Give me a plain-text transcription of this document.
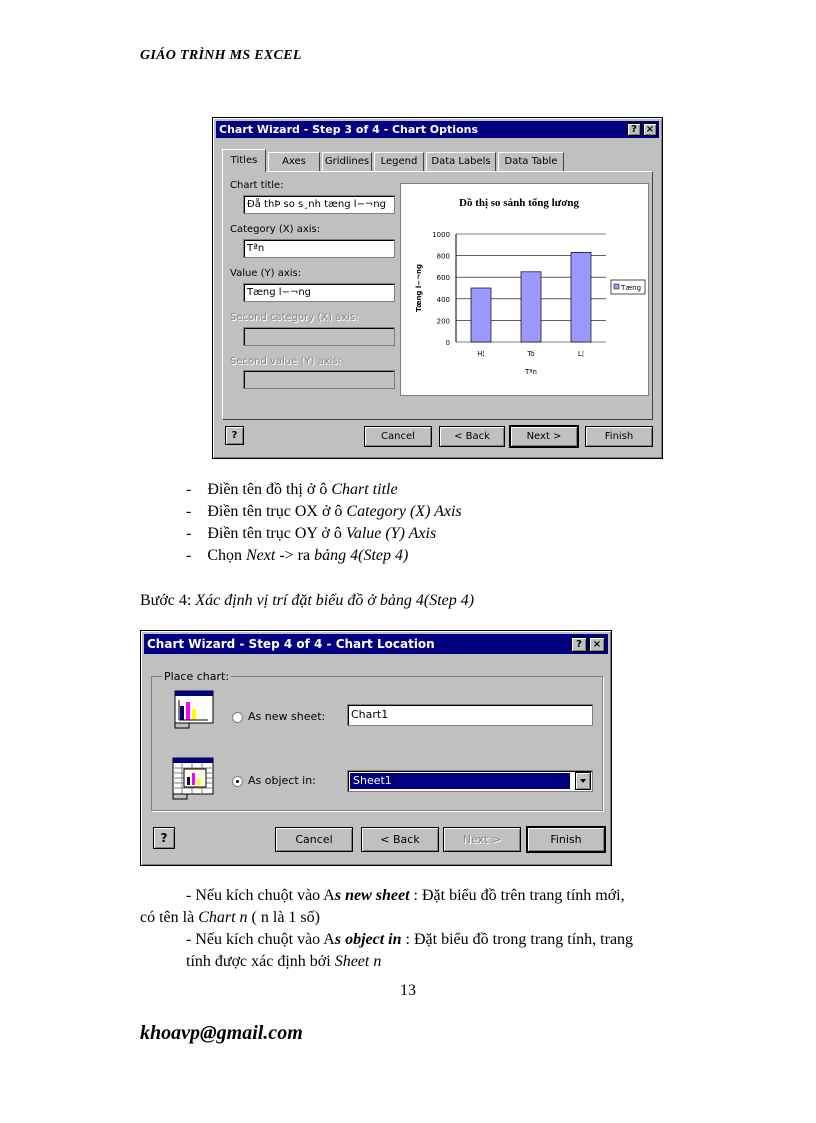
GIÁO TRÌNH MS EXCEL
Chart Wizard - Step 3 of 4 - Chart Options	? ×
Titles	Axes	Gridlines	Legend	Data Labels	Data Table
Chart title:
Ðå thÞ so s¸nh tæng l−¬ng
Category (X) axis:
Tªn
Value (Y) axis:
Tæng l−¬ng
Second category (X) axis:
Second value (Y) axis:
Dồ thị so sánh tổng lương
0
200
400
600
800
1000
H¦	Tó	L¦
Tªn
Tæng l−¬ng	Tæng
?	Cancel	< Back	Next >	Finish
-    Điền tên đồ thị ở ô Chart title
-    Điền tên trục OX ở ô Category (X) Axis
-    Điền tên trục OY ở ô Value (Y) Axis
-    Chọn Next -> ra bảng 4(Step 4)
Bước 4: Xác định vị trí đặt biểu đồ ở bảng 4(Step 4)
Chart Wizard - Step 4 of 4 - Chart Location	?	×
Place chart:
As new sheet:	Chart1
As object in:	Sheet1
?	Cancel	< Back	Next >	Finish
- Nếu kích chuột vào As new sheet : Đặt biểu đồ trên trang tính mới,
có tên là Chart n ( n là 1 số)
- Nếu kích chuột vào As object in : Đặt biểu đồ trong trang tính, trang
tính được xác định bởi Sheet n
13
khoavp@gmail.com
